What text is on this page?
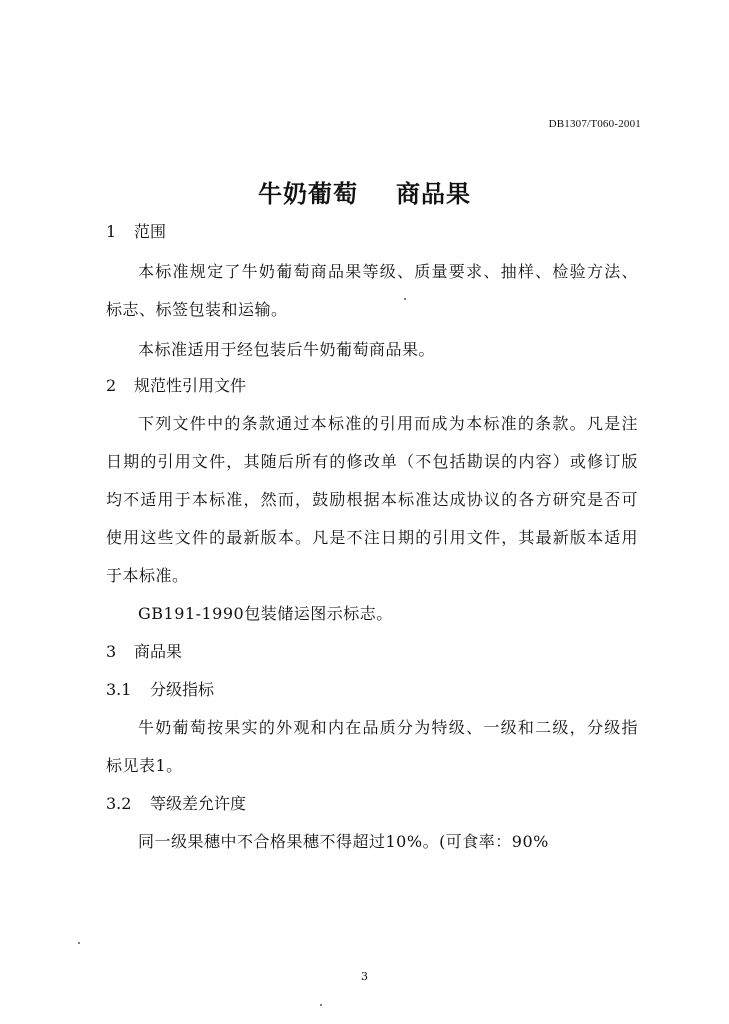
DB1307/T060-2001
牛奶葡萄 商品果
1 范围
本标准规定了牛奶葡萄商品果等级、质量要求、抽样、检验方法、
标志、标签包装和运输。
本标准适用于经包装后牛奶葡萄商品果。
2 规范性引用文件
下列文件中的条款通过本标准的引用而成为本标准的条款。凡是注
日期的引用文件，其随后所有的修改单（不包括勘误的内容）或修订版
均不适用于本标准，然而，鼓励根据本标准达成协议的各方研究是否可
使用这些文件的最新版本。凡是不注日期的引用文件，其最新版本适用
于本标准。
GB191-1990包装储运图示标志。
3 商品果
3.1 分级指标
牛奶葡萄按果实的外观和内在品质分为特级、一级和二级，分级指
标见表1。
3.2 等级差允许度
同一级果穗中不合格果穗不得超过10%。(可食率：90%
3
